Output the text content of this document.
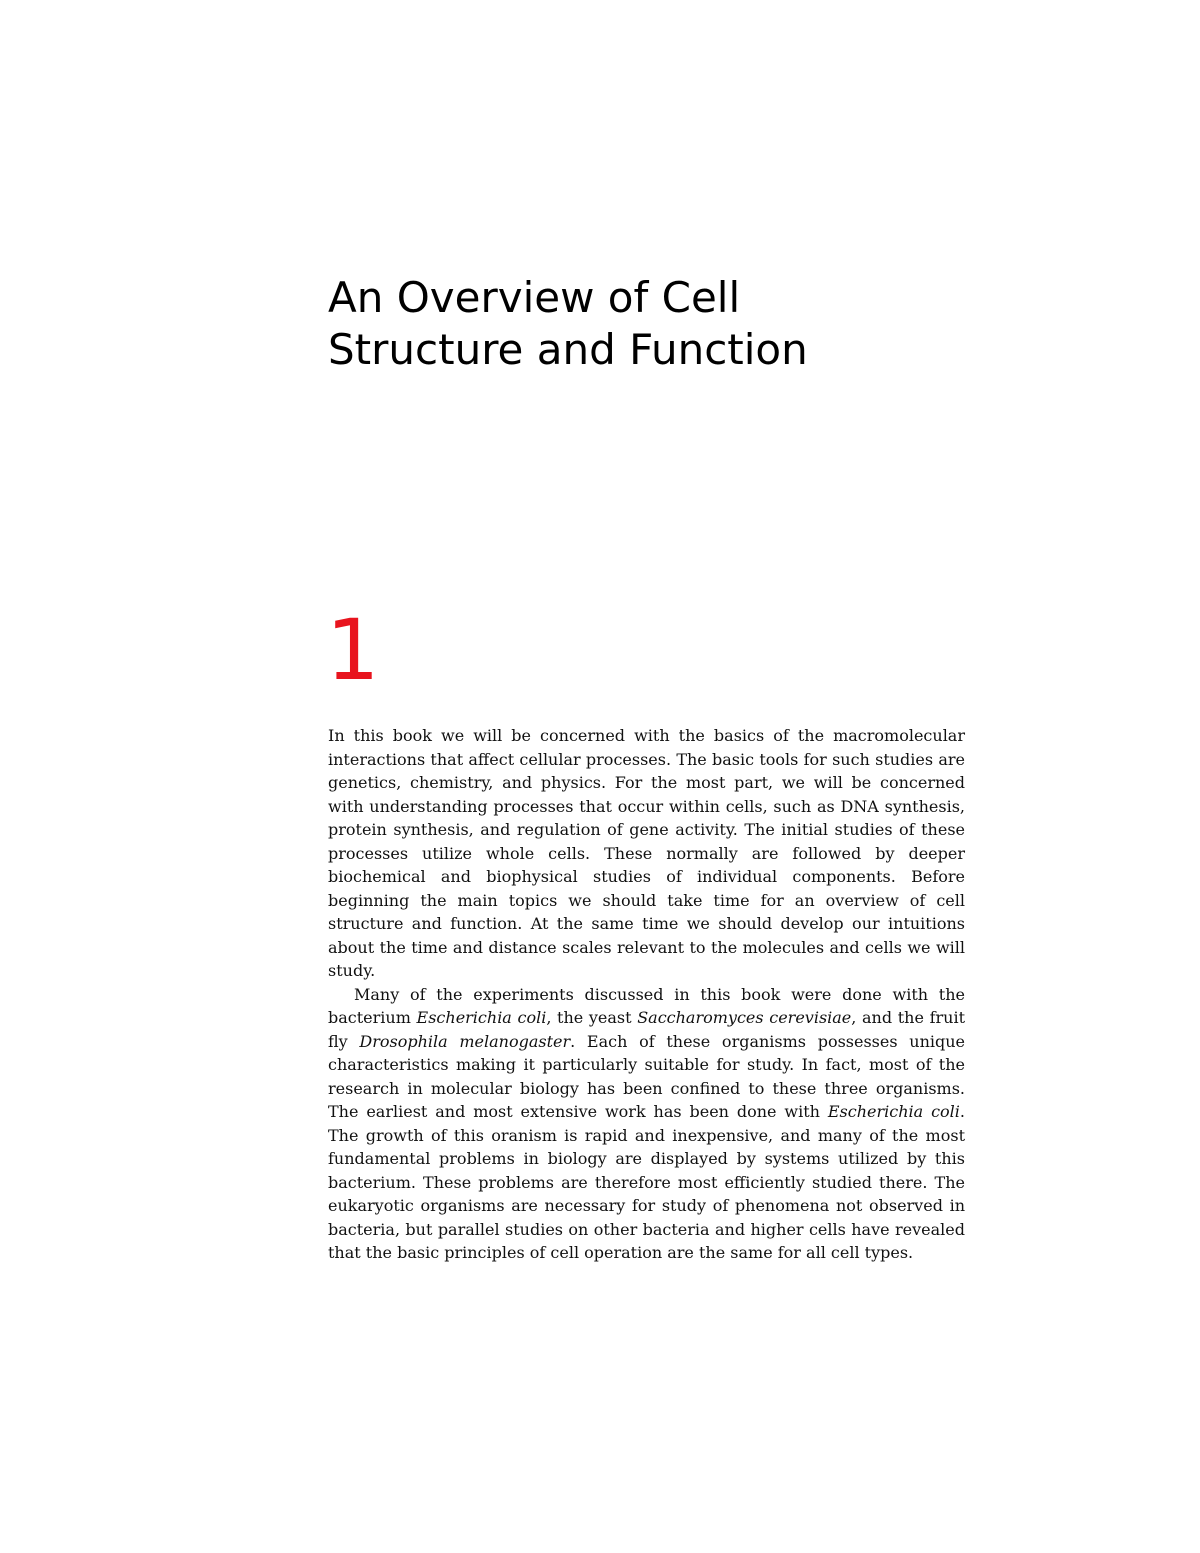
An Overview of Cell
Structure and Function
1

In this book we will be concerned with the basics of the macromolecular interactions that affect cellular processes. The basic tools for such studies are genetics, chemistry, and physics. For the most part, we will be concerned with understanding processes that occur within cells, such as DNA synthesis, protein synthesis, and regulation of gene activity. The initial studies of these processes utilize whole cells. These normally are followed by deeper biochemical and biophysical studies of individual components. Before beginning the main topics we should take time for an overview of cell structure and function. At the same time we should develop our intuitions about the time and distance scales relevant to the molecules and cells we will study.

Many of the experiments discussed in this book were done with the bacterium Escherichia coli, the yeast Saccharomyces cerevisiae, and the fruit fly Drosophila melanogaster. Each of these organisms possesses unique characteristics making it particularly suitable for study. In fact, most of the research in molecular biology has been confined to these three organisms. The earliest and most extensive work has been done with Escherichia coli. The growth of this oranism is rapid and inexpensive, and many of the most fundamental problems in biology are displayed by systems utilized by this bacterium. These problems are therefore most efficiently studied there. The eukaryotic organisms are necessary for study of phenomena not observed in bacteria, but parallel studies on other bacteria and higher cells have revealed that the basic principles of cell operation are the same for all cell types.
